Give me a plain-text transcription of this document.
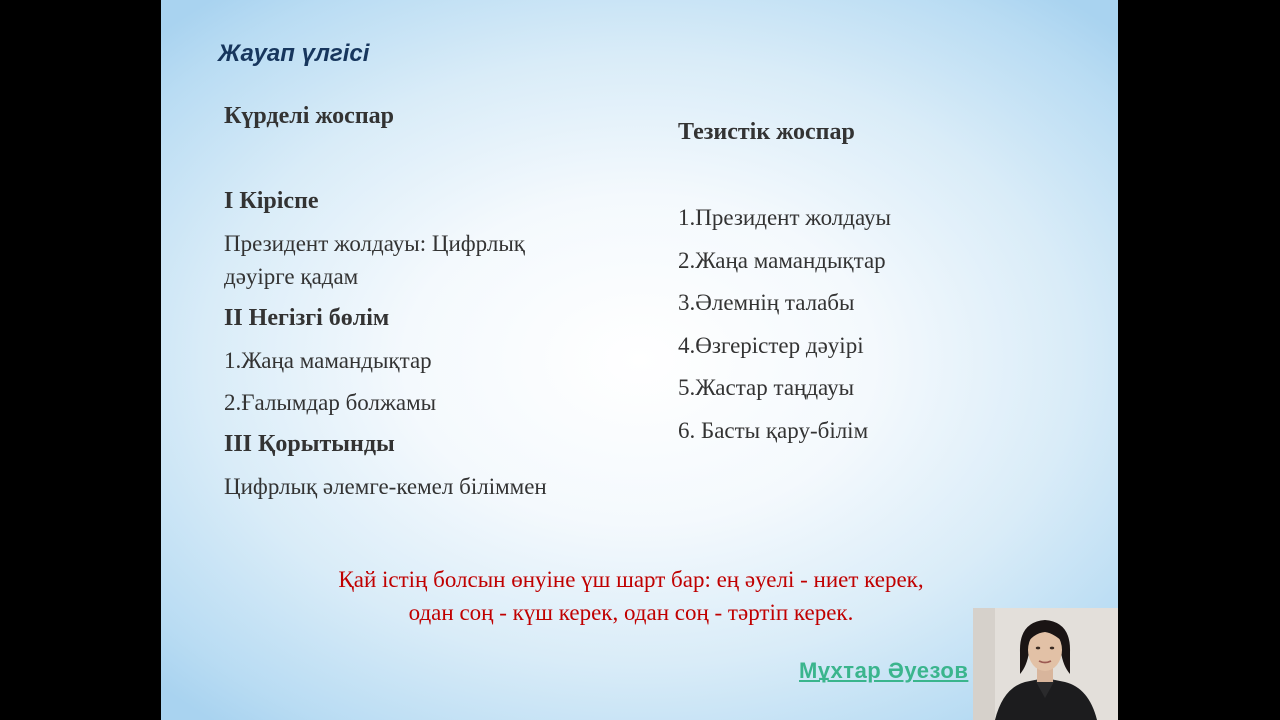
Жауап үлгісі

Күрделі жоспар

І Кіріспе

Президент жолдауы: Цифрлық

дәуірге қадам

ІІ Негізгі бөлім

1.Жаңа мамандықтар

2.Ғалымдар болжамы

ІІІ Қорытынды

Цифрлық әлемге-кемел біліммен

Тезистік жоспар

1.Президент жолдауы

2.Жаңа мамандықтар

3.Әлемнің талабы

4.Өзгерістер дәуірі

5.Жастар таңдауы

6. Басты қару-білім

Қай істің болсын өнуіне үш шарт бар: ең әуелі - ниет керек,
одан соң - күш керек, одан соң - тәртіп керек.
Мұхтар Әуезов
